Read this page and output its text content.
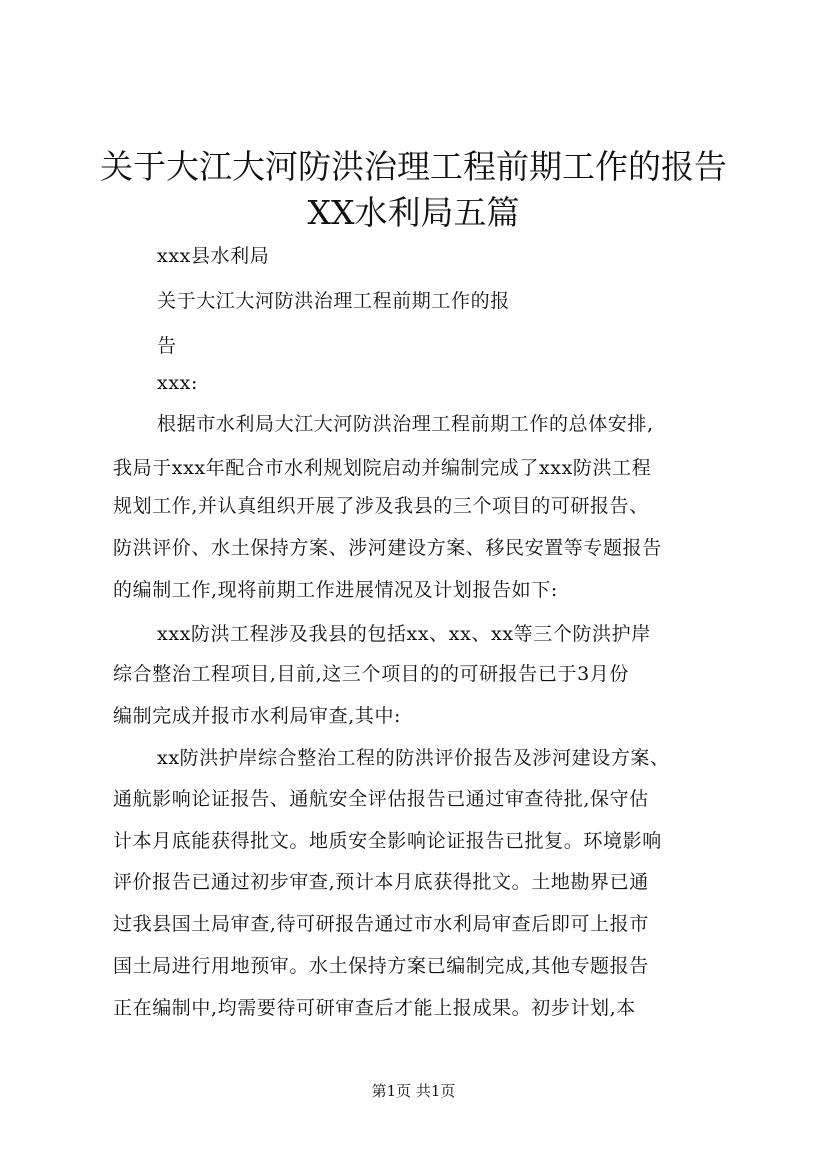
关于大江大河防洪治理工程前期工作的报告
XX水利局五篇
xxx县水利局
关于大江大河防洪治理工程前期工作的报
告
xxx:
根据市水利局大江大河防洪治理工程前期工作的总体安排,
我局于xxx年配合市水利规划院启动并编制完成了xxx防洪工程
规划工作,并认真组织开展了涉及我县的三个项目的可研报告、
防洪评价、水土保持方案、涉河建设方案、移民安置等专题报告
的编制工作,现将前期工作进展情况及计划报告如下:
xxx防洪工程涉及我县的包括xx、xx、xx等三个防洪护岸
综合整治工程项目,目前,这三个项目的的可研报告已于3月份
编制完成并报市水利局审查,其中:
xx防洪护岸综合整治工程的防洪评价报告及涉河建设方案、
通航影响论证报告、通航安全评估报告已通过审查待批,保守估
计本月底能获得批文。地质安全影响论证报告已批复。环境影响
评价报告已通过初步审查,预计本月底获得批文。土地勘界已通
过我县国土局审查,待可研报告通过市水利局审查后即可上报市
国土局进行用地预审。水土保持方案已编制完成,其他专题报告
正在编制中,均需要待可研审查后才能上报成果。初步计划,本
第1页 共1页
